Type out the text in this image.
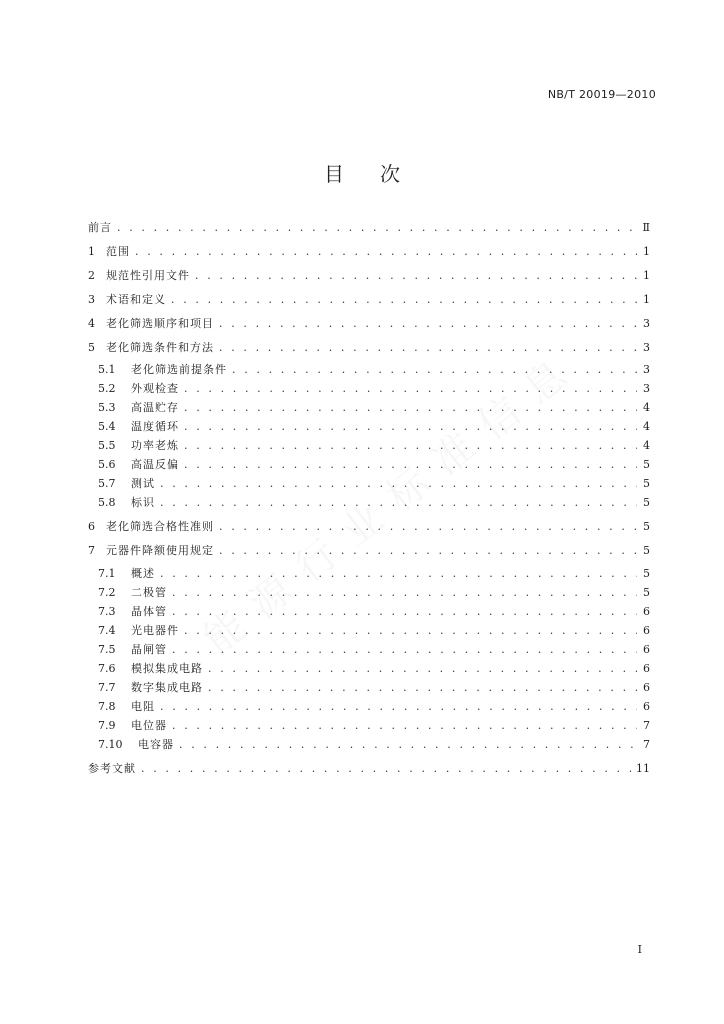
NB/T 20019—2010
目 次
前言 . . .	Ⅱ
1	范围 . . .	1
2	规范性引用文件 . . .	1
3	术语和定义 . . .	1
4	老化筛选顺序和项目 . . .	3
5	老化筛选条件和方法 . . .	3
5.1	老化筛选前提条件 . . .	3
5.2	外观检查 . . .	3
5.3	高温贮存 . . .	4
5.4	温度循环 . . .	4
5.5	功率老炼 . . .	4
5.6	高温反偏 . . .	5
5.7	测试 . . .	5
5.8	标识 . . .	5
6	老化筛选合格性准则 . . .	5
7	元器件降额使用规定 . . .	5
7.1	概述 . . .	5
7.2	二极管 . . .	5
7.3	晶体管 . . .	6
7.4	光电器件 . . .	6
7.5	晶闸管 . . .	6
7.6	模拟集成电路 . . .	6
7.7	数字集成电路 . . .	6
7.8	电阻 . . .	6
7.9	电位器 . . .	7
7.10	电容器 . . .	7
参考文献 . . .	11
I
